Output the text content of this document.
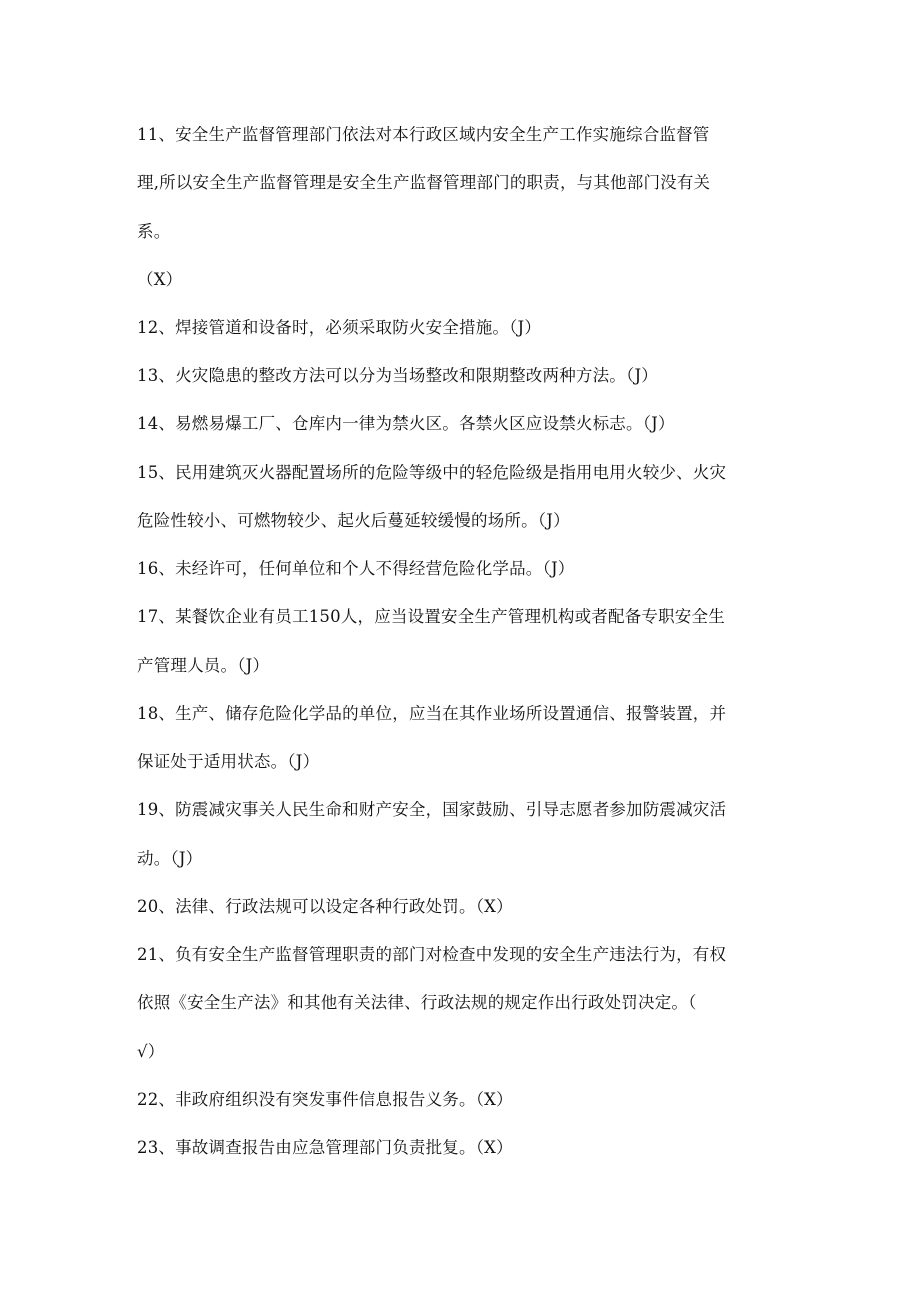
11、安全生产监督管理部门依法对本行政区域内安全生产工作实施综合监督管
理,所以安全生产监督管理是安全生产监督管理部门的职责，与其他部门没有关
系。
（X）
12、焊接管道和设备时，必须采取防火安全措施。（J）
13、火灾隐患的整改方法可以分为当场整改和限期整改两种方法。（J）
14、易燃易爆工厂、仓库内一律为禁火区。各禁火区应设禁火标志。（J）
15、民用建筑灭火器配置场所的危险等级中的轻危险级是指用电用火较少、火灾
危险性较小、可燃物较少、起火后蔓延较缓慢的场所。（J）
16、未经许可，任何单位和个人不得经营危险化学品。（J）
17、某餐饮企业有员工150人，应当设置安全生产管理机构或者配备专职安全生
产管理人员。（J）
18、生产、储存危险化学品的单位，应当在其作业场所设置通信、报警装置，并
保证处于适用状态。（J）
19、防震减灾事关人民生命和财产安全，国家鼓励、引导志愿者参加防震减灾活
动。（J）
20、法律、行政法规可以设定各种行政处罚。（X）
21、负有安全生产监督管理职责的部门对检查中发现的安全生产违法行为，有权
依照《安全生产法》和其他有关法律、行政法规的规定作出行政处罚决定。（
√）
22、非政府组织没有突发事件信息报告义务。（X）
23、事故调查报告由应急管理部门负责批复。（X）
